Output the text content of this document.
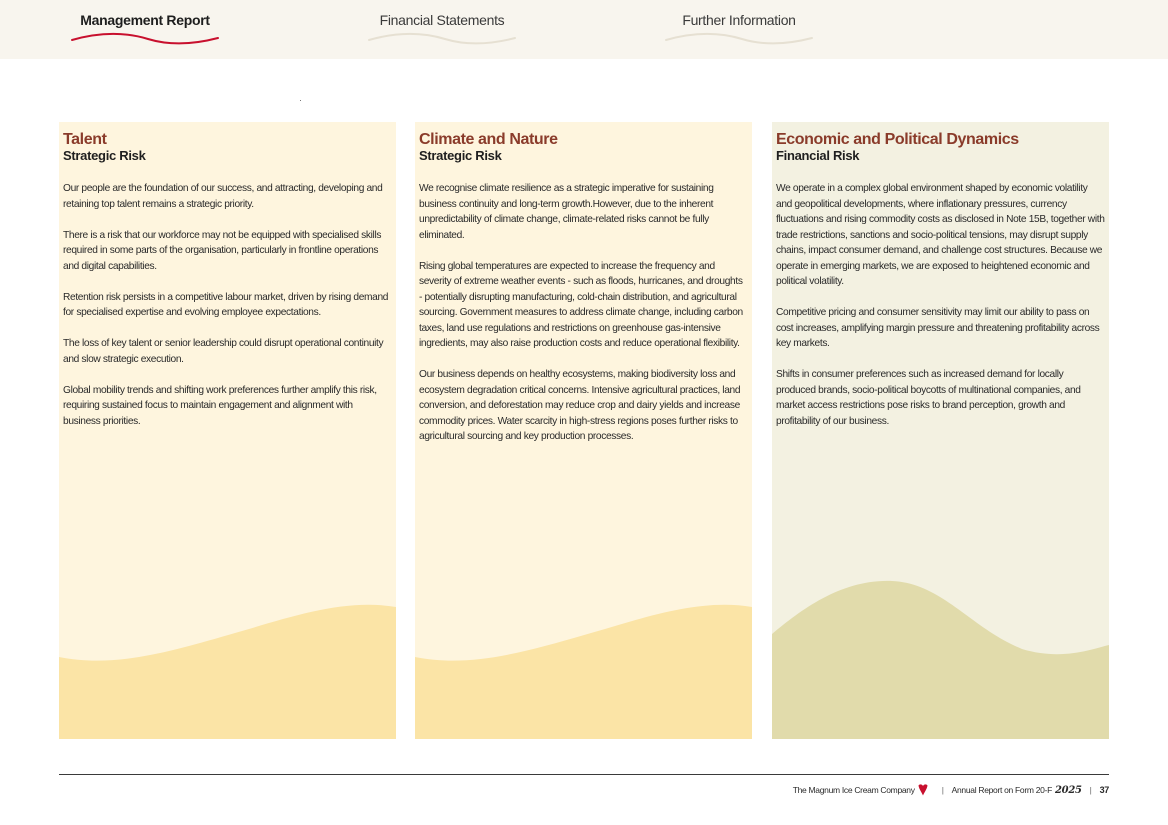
Management Report	Financial Statements	Further Information
Talent
Strategic Risk

Our people are the foundation of our success, and attracting, developing and retaining top talent remains a strategic priority.

There is a risk that our workforce may not be equipped with specialised skills required in some parts of the organisation, particularly in frontline operations and digital capabilities.

Retention risk persists in a competitive labour market, driven by rising demand for specialised expertise and evolving employee expectations.

The loss of key talent or senior leadership could disrupt operational continuity and slow strategic execution.

Global mobility trends and shifting work preferences further amplify this risk, requiring sustained focus to maintain engagement and alignment with business priorities.

Climate and Nature
Strategic Risk

We recognise climate resilience as a strategic imperative for sustaining business continuity and long-term growth.However, due to the inherent unpredictability of climate change, climate-related risks cannot be fully eliminated.

Rising global temperatures are expected to increase the frequency and severity of extreme weather events - such as floods, hurricanes, and droughts - potentially disrupting manufacturing, cold-chain distribution, and agricultural sourcing. Government measures to address climate change, including carbon taxes, land use regulations and restrictions on greenhouse gas-intensive ingredients, may also raise production costs and reduce operational flexibility.

Our business depends on healthy ecosystems, making biodiversity loss and ecosystem degradation critical concerns. Intensive agricultural practices, land conversion, and deforestation may reduce crop and dairy yields and increase commodity prices. Water scarcity in high-stress regions poses further risks to agricultural sourcing and key production processes.

Economic and Political Dynamics
Financial Risk

We operate in a complex global environment shaped by economic volatility and geopolitical developments, where inflationary pressures, currency fluctuations and rising commodity costs as disclosed in Note 15B, together with trade restrictions, sanctions and socio-political tensions, may disrupt supply chains, impact consumer demand, and challenge cost structures. Because we operate in emerging markets, we are exposed to heightened economic and political volatility.

Competitive pricing and consumer sensitivity may limit our ability to pass on cost increases, amplifying margin pressure and threatening profitability across key markets.

Shifts in consumer preferences such as increased demand for locally produced brands, socio-political boycotts of multinational companies, and market access restrictions pose risks to brand perception, growth and profitability of our business.

The Magnum Ice Cream Company	| Annual Report on Form 20-F 2025 | 37
